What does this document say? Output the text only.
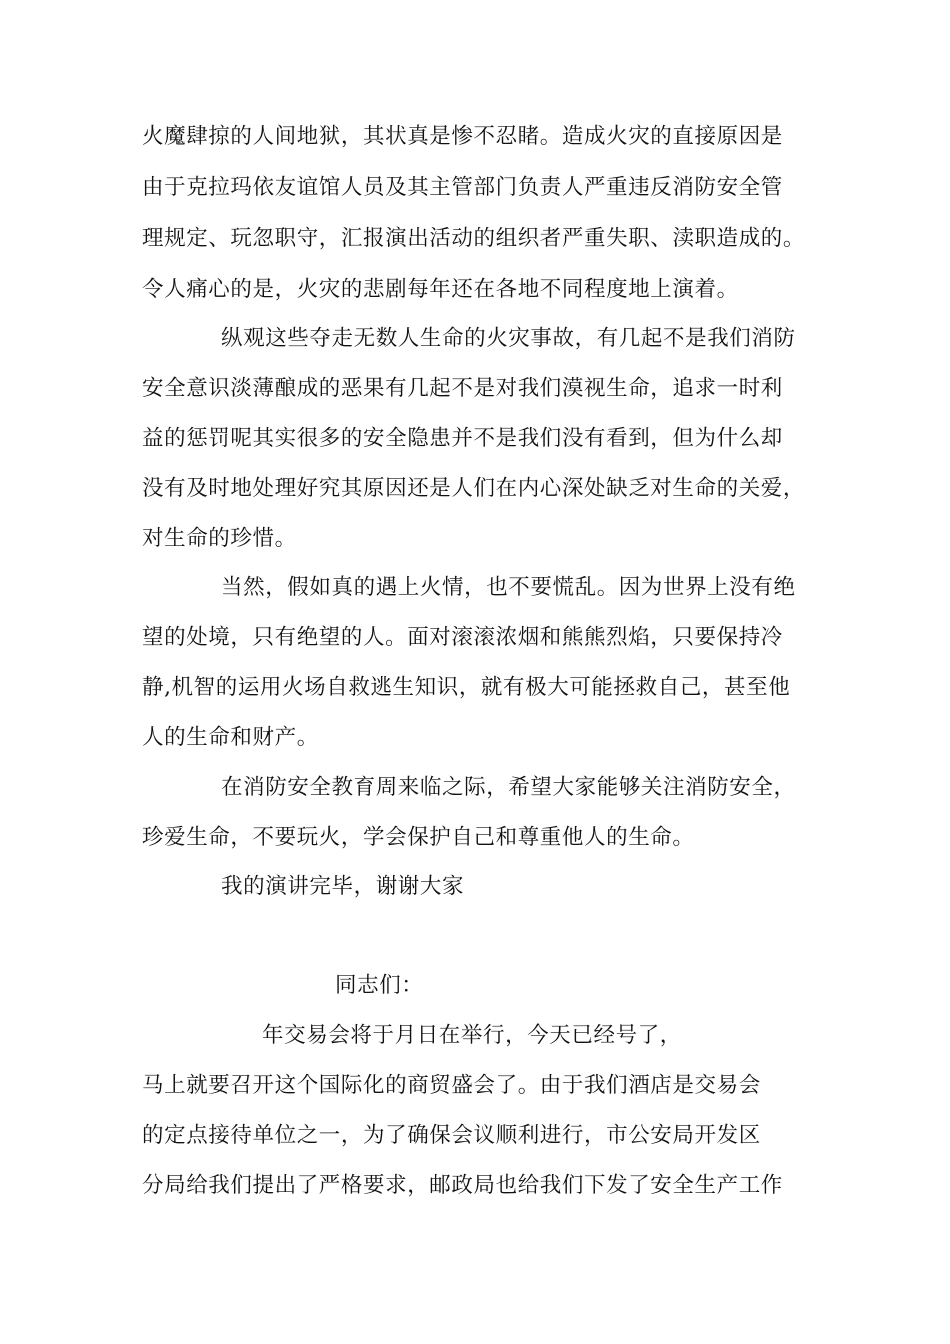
火魔肆掠的人间地狱，其状真是惨不忍睹。造成火灾的直接原因是
由于克拉玛依友谊馆人员及其主管部门负责人严重违反消防安全管
理规定、玩忽职守，汇报演出活动的组织者严重失职、渎职造成的。
令人痛心的是，火灾的悲剧每年还在各地不同程度地上演着。
纵观这些夺走无数人生命的火灾事故，有几起不是我们消防
安全意识淡薄酿成的恶果有几起不是对我们漠视生命，追求一时利
益的惩罚呢其实很多的安全隐患并不是我们没有看到，但为什么却
没有及时地处理好究其原因还是人们在内心深处缺乏对生命的关爱，
对生命的珍惜。
当然，假如真的遇上火情，也不要慌乱。因为世界上没有绝
望的处境，只有绝望的人。面对滚滚浓烟和熊熊烈焰，只要保持冷
静,机智的运用火场自救逃生知识，就有极大可能拯救自己，甚至他
人的生命和财产。
在消防安全教育周来临之际，希望大家能够关注消防安全，
珍爱生命，不要玩火，学会保护自己和尊重他人的生命。
我的演讲完毕，谢谢大家
同志们：
年交易会将于月日在举行，今天已经号了，
马上就要召开这个国际化的商贸盛会了。由于我们酒店是交易会
的定点接待单位之一，为了确保会议顺利进行，市公安局开发区
分局给我们提出了严格要求，邮政局也给我们下发了安全生产工作
